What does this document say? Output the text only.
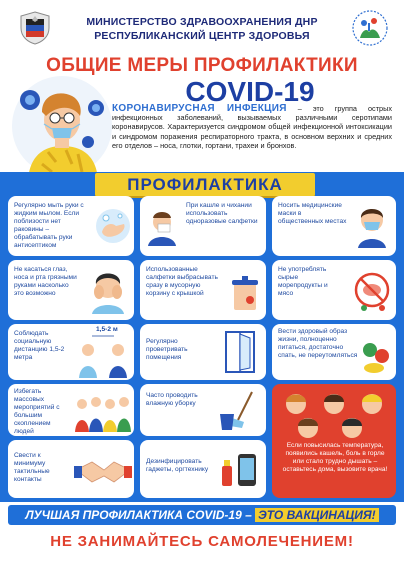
МИНИСТЕРСТВО ЗДРАВООХРАНЕНИЯ ДНР
РЕСПУБЛИКАНСКИЙ ЦЕНТР ЗДОРОВЬЯ
ОБЩИЕ МЕРЫ ПРОФИЛАКТИКИ
COVID-19
КОРОНАВИРУСНАЯ ИНФЕКЦИЯ – это группа острых инфекционных заболеваний, вызываемых различными серотипами коронавирусов. Характеризуется синдромом общей инфекционной интоксикации и синдромом поражения респираторного тракта, в основном верхних и средних его отделов – носа, глотки, гортани, трахеи и бронхов.
ПРОФИЛАКТИКА
Регулярно мыть руки с жидким мылом. Если поблизости нет раковины – обрабатывать руки антисептиком
При кашле и чихании использовать одноразовые салфетки
Носить медицинские маски в общественных местах
Не касаться глаз, носа и рта грязными руками насколько это возможно
Использованные салфетки выбрасывать сразу в мусорную корзину с крышкой
Не употреблять сырые морепродукты и мясо
Соблюдать социальную дистанцию 1,5-2 метра
1,5-2 м
Регулярно проветривать помещения
Вести здоровый образ жизни, полноценно питаться, достаточно спать, не переутомляться
Избегать массовых мероприятий с большим скоплением людей
Часто проводить влажную уборку
Если повысилась температура, появились кашель, боль в горле или стало трудно дышать – оставьтесь дома, вызовите врача!
Свести к минимуму тактильные контакты
Дезинфицировать гаджеты, оргтехнику
ЛУЧШАЯ ПРОФИЛАКТИКА COVID-19 – ЭТО ВАКЦИНАЦИЯ!
НЕ ЗАНИМАЙТЕСЬ САМОЛЕЧЕНИЕМ!
